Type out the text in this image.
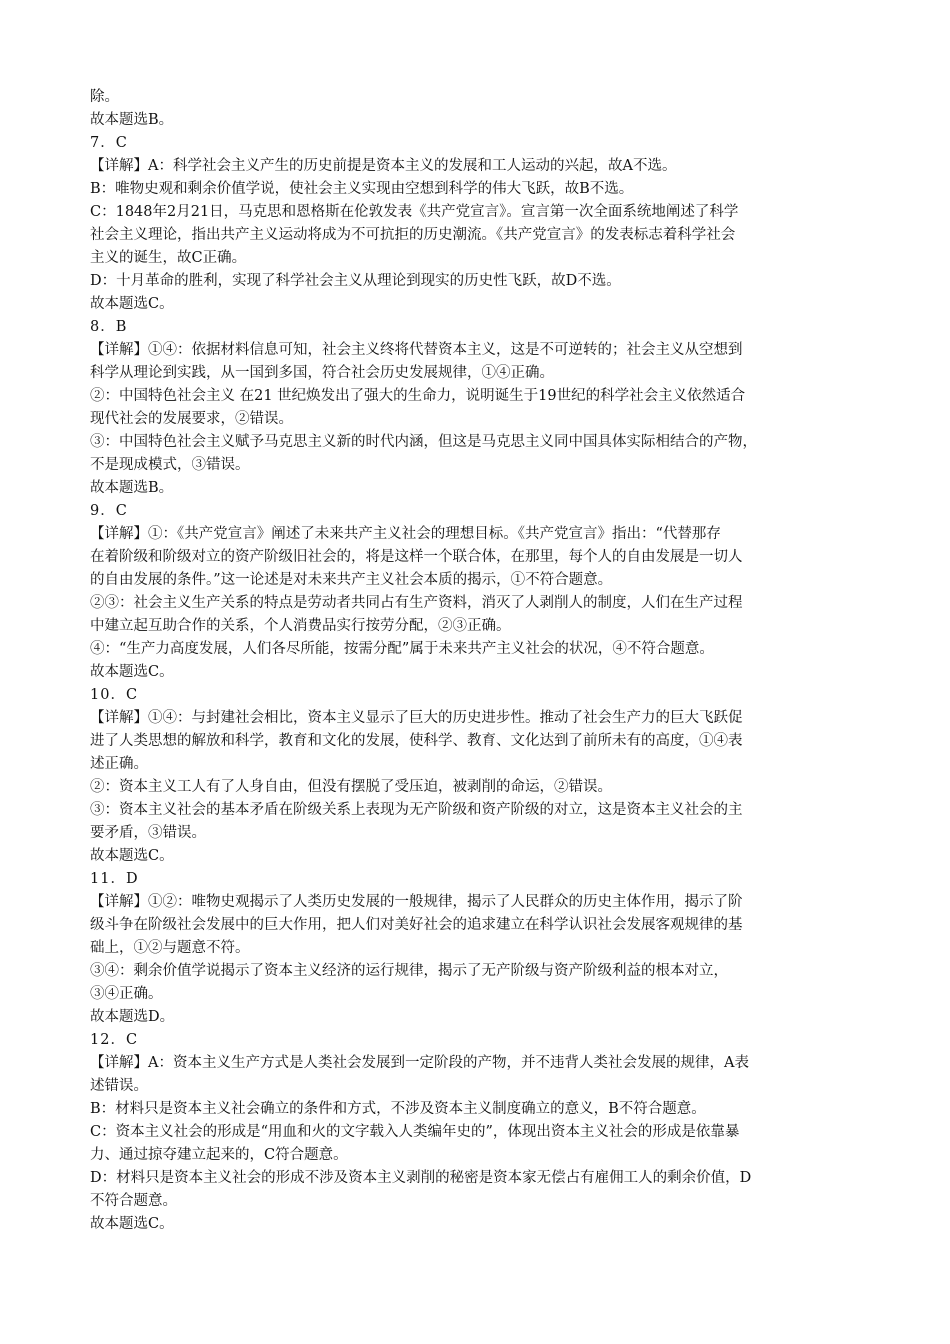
除。
故本题选B。
7．C
【详解】A：科学社会主义产生的历史前提是资本主义的发展和工人运动的兴起，故A不选。
B：唯物史观和剩余价值学说，使社会主义实现由空想到科学的伟大飞跃，故B不选。
C：1848年2月21日，马克思和恩格斯在伦敦发表《共产党宣言》。宣言第一次全面系统地阐述了科学
社会主义理论，指出共产主义运动将成为不可抗拒的历史潮流。《共产党宣言》的发表标志着科学社会
主义的诞生，故C正确。
D：十月革命的胜利，实现了科学社会主义从理论到现实的历史性飞跃，故D不选。
故本题选C。
8．B
【详解】①④：依据材料信息可知，社会主义终将代替资本主义，这是不可逆转的；社会主义从空想到
科学从理论到实践，从一国到多国，符合社会历史发展规律，①④正确。
②：中国特色社会主义 在21 世纪焕发出了强大的生命力，说明诞生于19世纪的科学社会主义依然适合
现代社会的发展要求，②错误。
③：中国特色社会主义赋予马克思主义新的时代内涵，但这是马克思主义同中国具体实际相结合的产物，
不是现成模式，③错误。
故本题选B。
9．C
【详解】①：《共产党宣言》阐述了未来共产主义社会的理想目标。《共产党宣言》指出：“代替那存
在着阶级和阶级对立的资产阶级旧社会的，将是这样一个联合体，在那里，每个人的自由发展是一切人
的自由发展的条件。”这一论述是对未来共产主义社会本质的揭示，①不符合题意。
②③：社会主义生产关系的特点是劳动者共同占有生产资料，消灭了人剥削人的制度，人们在生产过程
中建立起互助合作的关系，个人消费品实行按劳分配，②③正确。
④：“生产力高度发展，人们各尽所能，按需分配”属于未来共产主义社会的状况，④不符合题意。
故本题选C。
10．C
【详解】①④：与封建社会相比，资本主义显示了巨大的历史进步性。推动了社会生产力的巨大飞跃促
进了人类思想的解放和科学，教育和文化的发展，使科学、教育、文化达到了前所未有的高度，①④表
述正确。
②：资本主义工人有了人身自由，但没有摆脱了受压迫，被剥削的命运，②错误。
③：资本主义社会的基本矛盾在阶级关系上表现为无产阶级和资产阶级的对立，这是资本主义社会的主
要矛盾，③错误。
故本题选C。
11．D
【详解】①②：唯物史观揭示了人类历史发展的一般规律，揭示了人民群众的历史主体作用，揭示了阶
级斗争在阶级社会发展中的巨大作用，把人们对美好社会的追求建立在科学认识社会发展客观规律的基
础上，①②与题意不符。
③④：剩余价值学说揭示了资本主义经济的运行规律，揭示了无产阶级与资产阶级利益的根本对立，
③④正确。
故本题选D。
12．C
【详解】A：资本主义生产方式是人类社会发展到一定阶段的产物，并不违背人类社会发展的规律，A表
述错误。
B：材料只是资本主义社会确立的条件和方式，不涉及资本主义制度确立的意义，B不符合题意。
C：资本主义社会的形成是“用血和火的文字载入人类编年史的”，体现出资本主义社会的形成是依靠暴
力、通过掠夺建立起来的，C符合题意。
D：材料只是资本主义社会的形成不涉及资本主义剥削的秘密是资本家无偿占有雇佣工人的剩余价值，D
不符合题意。
故本题选C。
